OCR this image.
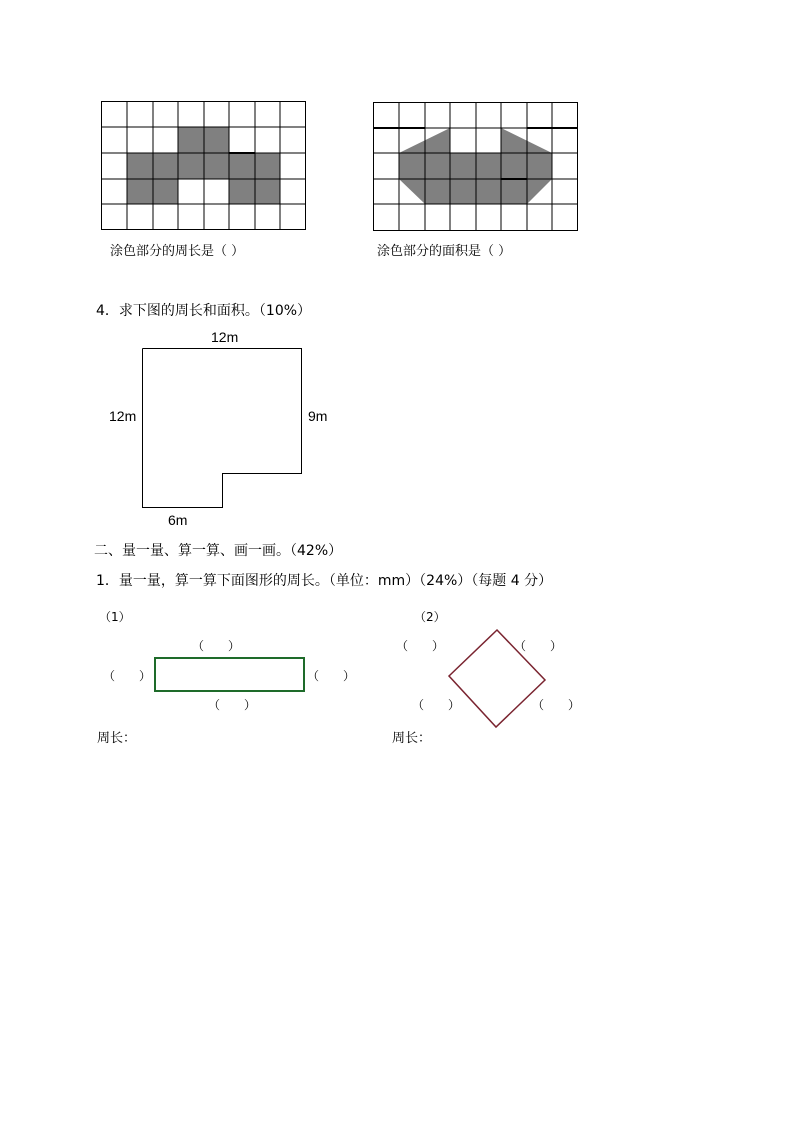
涂色部分的周长是（ ）	涂色部分的面积是（ ）
4．求下图的周长和面积。（10%）
12m
12m	9m
6m
二、量一量、算一算、画一画。（42%）
1．量一量，算一算下面图形的周长。（单位：mm）（24%）（每题 4 分）
（1）
（　　）
（　　）	（　　）
（　　）
周长：
（2）
（　　）	（　　）
（　　）	（　　）
周长：
